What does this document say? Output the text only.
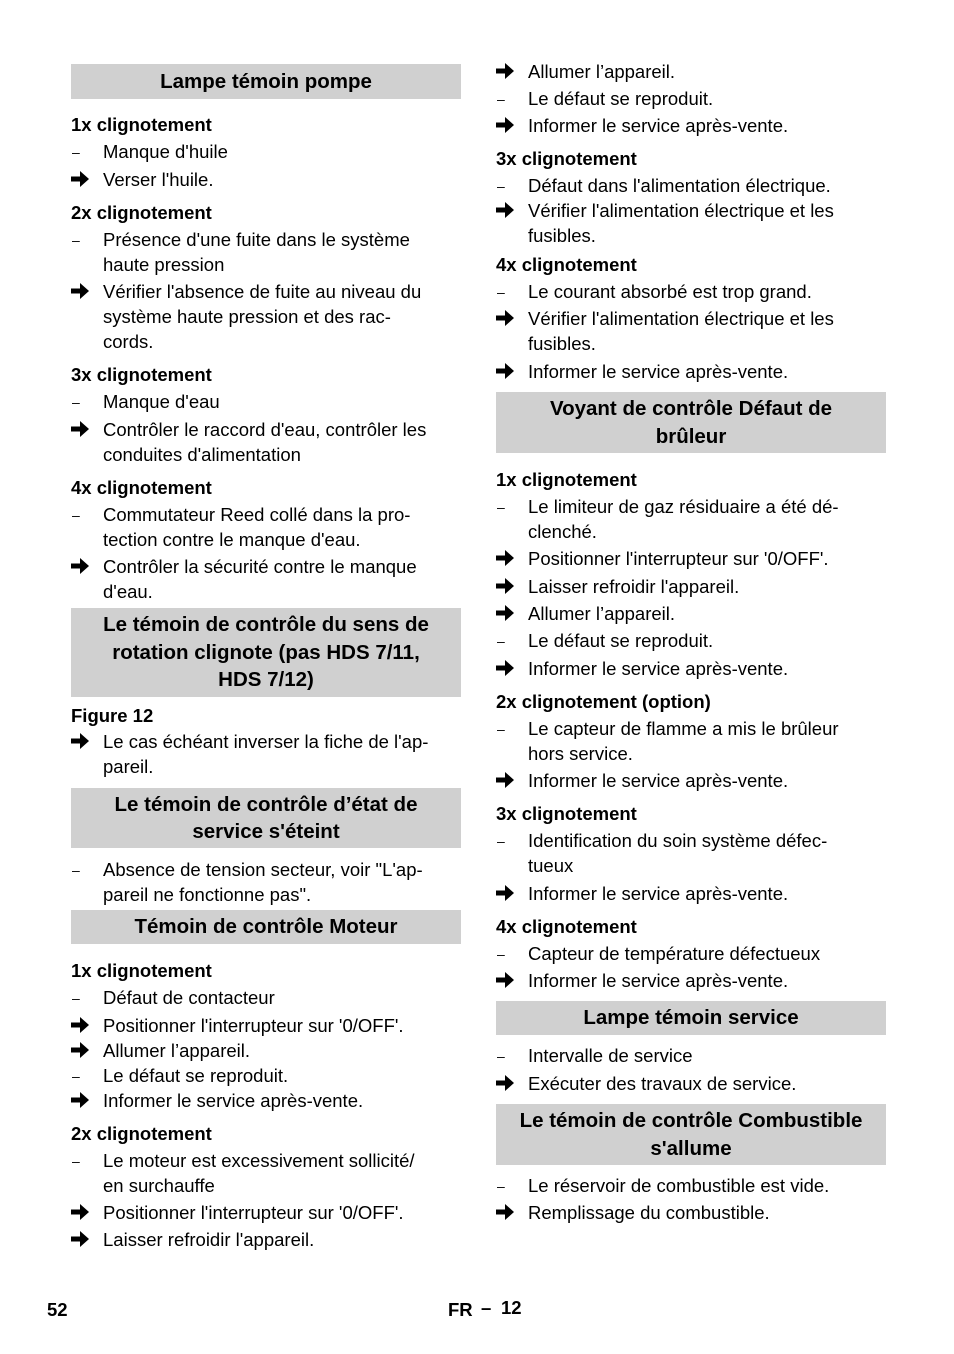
Lampe témoin pompe
1x clignotement
–	Manque d'huile
Verser l'huile.
2x clignotement
–	Présence d'une fuite dans le système
haute pression
Vérifier l'absence de fuite au niveau du
système haute pression et des rac-
cords.
3x clignotement
–	Manque d'eau
Contrôler le raccord d'eau, contrôler les
conduites d'alimentation
4x clignotement
–	Commutateur Reed collé dans la pro-
tection contre le manque d'eau.
Contrôler la sécurité contre le manque
d'eau.
Le témoin de contrôle du sens de
rotation clignote (pas HDS 7/11,
HDS 7/12)
Figure 12
Le cas échéant inverser la fiche de l'ap-
pareil.
Le témoin de contrôle d’état de
service s'éteint
–	Absence de tension secteur, voir "L'ap-
pareil ne fonctionne pas".
Témoin de contrôle Moteur
1x clignotement
–	Défaut de contacteur
Positionner l'interrupteur sur '0/OFF'.
Allumer l’appareil.
–	Le défaut se reproduit.
Informer le service après-vente.
2x clignotement
–	Le moteur est excessivement sollicité/
en surchauffe
Positionner l'interrupteur sur '0/OFF'.
Laisser refroidir l'appareil.
Allumer l’appareil.
–	Le défaut se reproduit.
Informer le service après-vente.
3x clignotement
–	Défaut dans l'alimentation électrique.
Vérifier l'alimentation électrique et les
fusibles.
4x clignotement
–	Le courant absorbé est trop grand.
Vérifier l'alimentation électrique et les
fusibles.
Informer le service après-vente.
Voyant de contrôle Défaut de
brûleur
1x clignotement
–	Le limiteur de gaz résiduaire a été dé-
clenché.
Positionner l'interrupteur sur '0/OFF'.
Laisser refroidir l'appareil.
Allumer l’appareil.
–	Le défaut se reproduit.
Informer le service après-vente.
2x clignotement (option)
–	Le capteur de flamme a mis le brûleur
hors service.
Informer le service après-vente.
3x clignotement
–	Identification du soin système défec-
tueux
Informer le service après-vente.
4x clignotement
–	Capteur de température défectueux
Informer le service après-vente.
Lampe témoin service
–	Intervalle de service
Exécuter des travaux de service.
Le témoin de contrôle Combustible
s'allume
–	Le réservoir de combustible est vide.
Remplissage du combustible.
52	FR – 12
